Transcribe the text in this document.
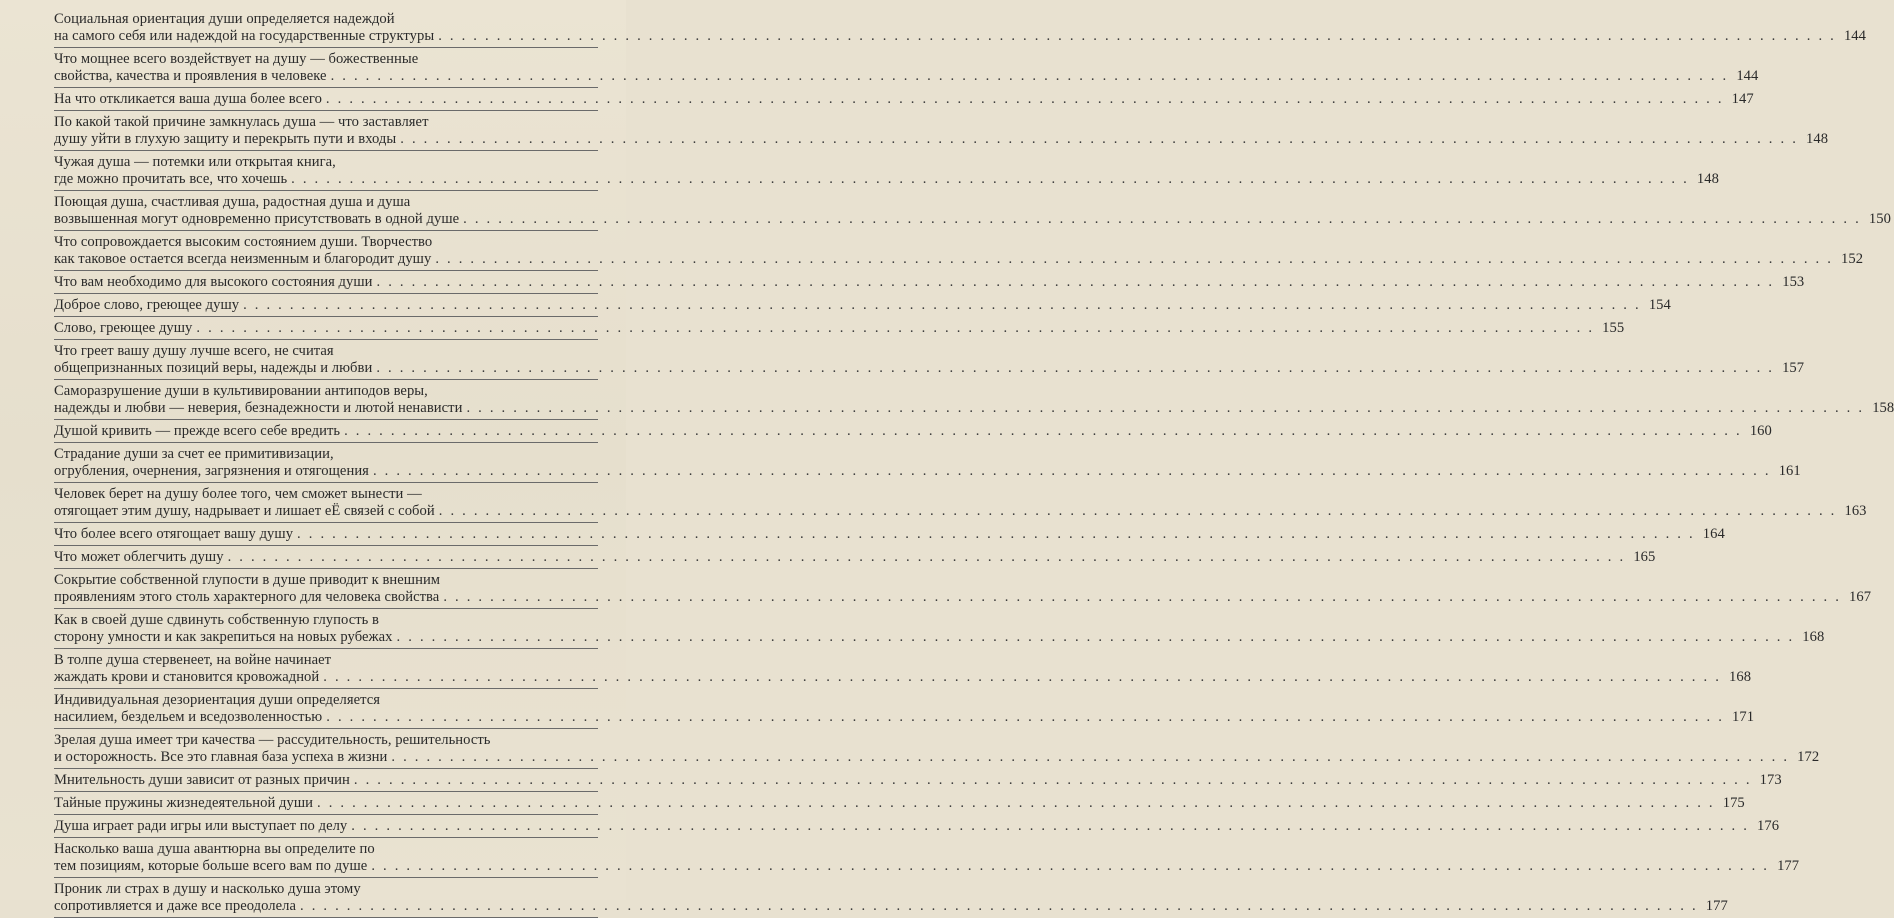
Социальная ориентация души определяется надеждой
на самого себя или надеждой на государственные структуры . . . . . . . . . . . . . . . . . . . . . . . . . . . . . . . . . . . . . . . . . . . . . . . . . . . . . . . . . . . . . . . . . . . . . . . . . . . . . . . . . . . . . . . . . . . . . . . . . . . . . . . . . . . . . . . . . . . . . . . . 144
Что мощнее всего воздействует на душу — божественные
свойства, качества и проявления в человеке . . . . . . . . . . . . . . . . . . . . . . . . . . . . . . . . . . . . . . . . . . . . . . . . . . . . . . . . . . . . . . . . . . . . . . . . . . . . . . . . . . . . . . . . . . . . . . . . . . . . . . . . . . . . . . . . . . . . . . . . 144
На что откликается ваша душа более всего . . . . . . . . . . . . . . . . . . . . . . . . . . . . . . . . . . . . . . . . . . . . . . . . . . . . . . . . . . . . . . . . . . . . . . . . . . . . . . . . . . . . . . . . . . . . . . . . . . . . . . . . . . . . . . . . . . . . . . . . 147
По какой такой причине замкнулась душа — что заставляет
душу уйти в глухую защиту и перекрыть пути и входы . . . . . . . . . . . . . . . . . . . . . . . . . . . . . . . . . . . . . . . . . . . . . . . . . . . . . . . . . . . . . . . . . . . . . . . . . . . . . . . . . . . . . . . . . . . . . . . . . . . . . . . . . . . . . . . . . . . . . . . . 148
Чужая душа — потемки или открытая книга,
где можно прочитать все, что хочешь . . . . . . . . . . . . . . . . . . . . . . . . . . . . . . . . . . . . . . . . . . . . . . . . . . . . . . . . . . . . . . . . . . . . . . . . . . . . . . . . . . . . . . . . . . . . . . . . . . . . . . . . . . . . . . . . . . . . . . . . 148
Поющая душа, счастливая душа, радостная душа и душа
возвышенная могут одновременно присутствовать в одной душе . . . . . . . . . . . . . . . . . . . . . . . . . . . . . . . . . . . . . . . . . . . . . . . . . . . . . . . . . . . . . . . . . . . . . . . . . . . . . . . . . . . . . . . . . . . . . . . . . . . . . . . . . . . . . . . . . . . . . . . . 150
Что сопровождается высоким состоянием души. Творчество
как таковое остается всегда неизменным и благородит душу . . . . . . . . . . . . . . . . . . . . . . . . . . . . . . . . . . . . . . . . . . . . . . . . . . . . . . . . . . . . . . . . . . . . . . . . . . . . . . . . . . . . . . . . . . . . . . . . . . . . . . . . . . . . . . . . . . . . . . . . 152
Что вам необходимо для высокого состояния души . . . . . . . . . . . . . . . . . . . . . . . . . . . . . . . . . . . . . . . . . . . . . . . . . . . . . . . . . . . . . . . . . . . . . . . . . . . . . . . . . . . . . . . . . . . . . . . . . . . . . . . . . . . . . . . . . . . . . . . . 153
Доброе слово, греющее душу . . . . . . . . . . . . . . . . . . . . . . . . . . . . . . . . . . . . . . . . . . . . . . . . . . . . . . . . . . . . . . . . . . . . . . . . . . . . . . . . . . . . . . . . . . . . . . . . . . . . . . . . . . . . . . . . . . . . . . . . 154
Слово, греющее душу . . . . . . . . . . . . . . . . . . . . . . . . . . . . . . . . . . . . . . . . . . . . . . . . . . . . . . . . . . . . . . . . . . . . . . . . . . . . . . . . . . . . . . . . . . . . . . . . . . . . . . . . . . . . . . . . . . . . . . . . 155
Что греет вашу душу лучше всего, не считая
общепризнанных позиций веры, надежды и любви . . . . . . . . . . . . . . . . . . . . . . . . . . . . . . . . . . . . . . . . . . . . . . . . . . . . . . . . . . . . . . . . . . . . . . . . . . . . . . . . . . . . . . . . . . . . . . . . . . . . . . . . . . . . . . . . . . . . . . . . 157
Саморазрушение души в культивировании антиподов веры,
надежды и любви — неверия, безнадежности и лютой ненависти . . . . . . . . . . . . . . . . . . . . . . . . . . . . . . . . . . . . . . . . . . . . . . . . . . . . . . . . . . . . . . . . . . . . . . . . . . . . . . . . . . . . . . . . . . . . . . . . . . . . . . . . . . . . . . . . . . . . . . . . 158
Душой кривить — прежде всего себе вредить . . . . . . . . . . . . . . . . . . . . . . . . . . . . . . . . . . . . . . . . . . . . . . . . . . . . . . . . . . . . . . . . . . . . . . . . . . . . . . . . . . . . . . . . . . . . . . . . . . . . . . . . . . . . . . . . . . . . . . . . 160
Страдание души за счет ее примитивизации,
огрубления, очернения, загрязнения и отягощения . . . . . . . . . . . . . . . . . . . . . . . . . . . . . . . . . . . . . . . . . . . . . . . . . . . . . . . . . . . . . . . . . . . . . . . . . . . . . . . . . . . . . . . . . . . . . . . . . . . . . . . . . . . . . . . . . . . . . . . . 161
Человек берет на душу более того, чем сможет вынести —
отягощает этим душу, надрывает и лишает еЁ связей с собой . . . . . . . . . . . . . . . . . . . . . . . . . . . . . . . . . . . . . . . . . . . . . . . . . . . . . . . . . . . . . . . . . . . . . . . . . . . . . . . . . . . . . . . . . . . . . . . . . . . . . . . . . . . . . . . . . . . . . . . . 163
Что более всего отягощает вашу душу . . . . . . . . . . . . . . . . . . . . . . . . . . . . . . . . . . . . . . . . . . . . . . . . . . . . . . . . . . . . . . . . . . . . . . . . . . . . . . . . . . . . . . . . . . . . . . . . . . . . . . . . . . . . . . . . . . . . . . . . 164
Что может облегчить душу . . . . . . . . . . . . . . . . . . . . . . . . . . . . . . . . . . . . . . . . . . . . . . . . . . . . . . . . . . . . . . . . . . . . . . . . . . . . . . . . . . . . . . . . . . . . . . . . . . . . . . . . . . . . . . . . . . . . . . . . 165
Сокрытие собственной глупости в душе приводит к внешним
проявлениям этого столь характерного для человека свойства . . . . . . . . . . . . . . . . . . . . . . . . . . . . . . . . . . . . . . . . . . . . . . . . . . . . . . . . . . . . . . . . . . . . . . . . . . . . . . . . . . . . . . . . . . . . . . . . . . . . . . . . . . . . . . . . . . . . . . . . 167
Как в своей душе сдвинуть собственную глупость в
сторону умности и как закрепиться на новых рубежах . . . . . . . . . . . . . . . . . . . . . . . . . . . . . . . . . . . . . . . . . . . . . . . . . . . . . . . . . . . . . . . . . . . . . . . . . . . . . . . . . . . . . . . . . . . . . . . . . . . . . . . . . . . . . . . . . . . . . . . . 168
В толпе душа стервенеет, на войне начинает
жаждать крови и становится кровожадной . . . . . . . . . . . . . . . . . . . . . . . . . . . . . . . . . . . . . . . . . . . . . . . . . . . . . . . . . . . . . . . . . . . . . . . . . . . . . . . . . . . . . . . . . . . . . . . . . . . . . . . . . . . . . . . . . . . . . . . . 168
Индивидуальная дезориентация души определяется
насилием, бездельем и вседозволенностью . . . . . . . . . . . . . . . . . . . . . . . . . . . . . . . . . . . . . . . . . . . . . . . . . . . . . . . . . . . . . . . . . . . . . . . . . . . . . . . . . . . . . . . . . . . . . . . . . . . . . . . . . . . . . . . . . . . . . . . . 171
Зрелая душа имеет три качества — рассудительность, решительность
и осторожность. Все это главная база успеха в жизни . . . . . . . . . . . . . . . . . . . . . . . . . . . . . . . . . . . . . . . . . . . . . . . . . . . . . . . . . . . . . . . . . . . . . . . . . . . . . . . . . . . . . . . . . . . . . . . . . . . . . . . . . . . . . . . . . . . . . . . . 172
Мнительность души зависит от разных причин . . . . . . . . . . . . . . . . . . . . . . . . . . . . . . . . . . . . . . . . . . . . . . . . . . . . . . . . . . . . . . . . . . . . . . . . . . . . . . . . . . . . . . . . . . . . . . . . . . . . . . . . . . . . . . . . . . . . . . . . 173
Тайные пружины жизнедеятельной души . . . . . . . . . . . . . . . . . . . . . . . . . . . . . . . . . . . . . . . . . . . . . . . . . . . . . . . . . . . . . . . . . . . . . . . . . . . . . . . . . . . . . . . . . . . . . . . . . . . . . . . . . . . . . . . . . . . . . . . . 175
Душа играет ради игры или выступает по делу . . . . . . . . . . . . . . . . . . . . . . . . . . . . . . . . . . . . . . . . . . . . . . . . . . . . . . . . . . . . . . . . . . . . . . . . . . . . . . . . . . . . . . . . . . . . . . . . . . . . . . . . . . . . . . . . . . . . . . . . 176
Насколько ваша душа авантюрна вы определите по
тем позициям, которые больше всего вам по душе . . . . . . . . . . . . . . . . . . . . . . . . . . . . . . . . . . . . . . . . . . . . . . . . . . . . . . . . . . . . . . . . . . . . . . . . . . . . . . . . . . . . . . . . . . . . . . . . . . . . . . . . . . . . . . . . . . . . . . . . 177
Проник ли страх в душу и насколько душа этому
сопротивляется и даже все преодолела . . . . . . . . . . . . . . . . . . . . . . . . . . . . . . . . . . . . . . . . . . . . . . . . . . . . . . . . . . . . . . . . . . . . . . . . . . . . . . . . . . . . . . . . . . . . . . . . . . . . . . . . . . . . . . . . . . . . . . . . 177
